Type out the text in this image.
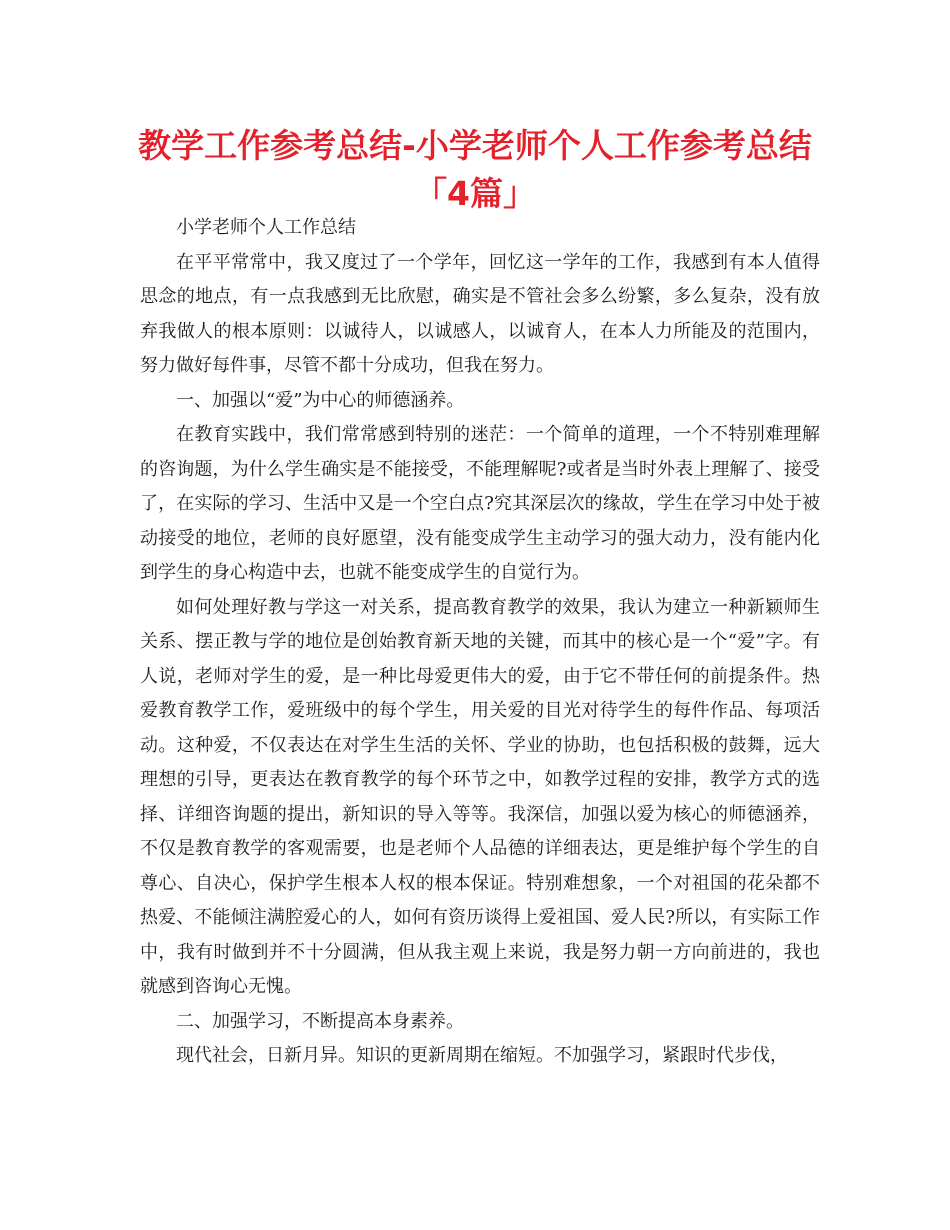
教学工作参考总结-小学老师个人工作参考总结
「4篇」

小学老师个人工作总结

在平平常常中，我又度过了一个学年，回忆这一学年的工作，我感到有本人值得思念的地点，有一点我感到无比欣慰，确实是不管社会多么纷繁，多么复杂，没有放弃我做人的根本原则：以诚待人，以诚感人，以诚育人，在本人力所能及的范围内，努力做好每件事，尽管不都十分成功，但我在努力。

一、加强以“爱”为中心的师德涵养。

在教育实践中，我们常常感到特别的迷茫：一个简单的道理，一个不特别难理解的咨询题，为什么学生确实是不能接受，不能理解呢?或者是当时外表上理解了、接受了，在实际的学习、生活中又是一个空白点?究其深层次的缘故，学生在学习中处于被动接受的地位，老师的良好愿望，没有能变成学生主动学习的强大动力，没有能内化到学生的身心构造中去，也就不能变成学生的自觉行为。

如何处理好教与学这一对关系，提高教育教学的效果，我认为建立一种新颖师生关系、摆正教与学的地位是创始教育新天地的关键，而其中的核心是一个“爱”字。有人说，老师对学生的爱，是一种比母爱更伟大的爱，由于它不带任何的前提条件。热爱教育教学工作，爱班级中的每个学生，用关爱的目光对待学生的每件作品、每项活动。这种爱，不仅表达在对学生生活的关怀、学业的协助，也包括积极的鼓舞，远大理想的引导，更表达在教育教学的每个环节之中，如教学过程的安排，教学方式的选择、详细咨询题的提出，新知识的导入等等。我深信，加强以爱为核心的师德涵养，不仅是教育教学的客观需要，也是老师个人品德的详细表达，更是维护每个学生的自尊心、自决心，保护学生根本人权的根本保证。特别难想象，一个对祖国的花朵都不热爱、不能倾注满腔爱心的人，如何有资历谈得上爱祖国、爱人民?所以，有实际工作中，我有时做到并不十分圆满，但从我主观上来说，我是努力朝一方向前进的，我也就感到咨询心无愧。

二、加强学习，不断提高本身素养。

现代社会，日新月异。知识的更新周期在缩短。不加强学习，紧跟时代步伐，
